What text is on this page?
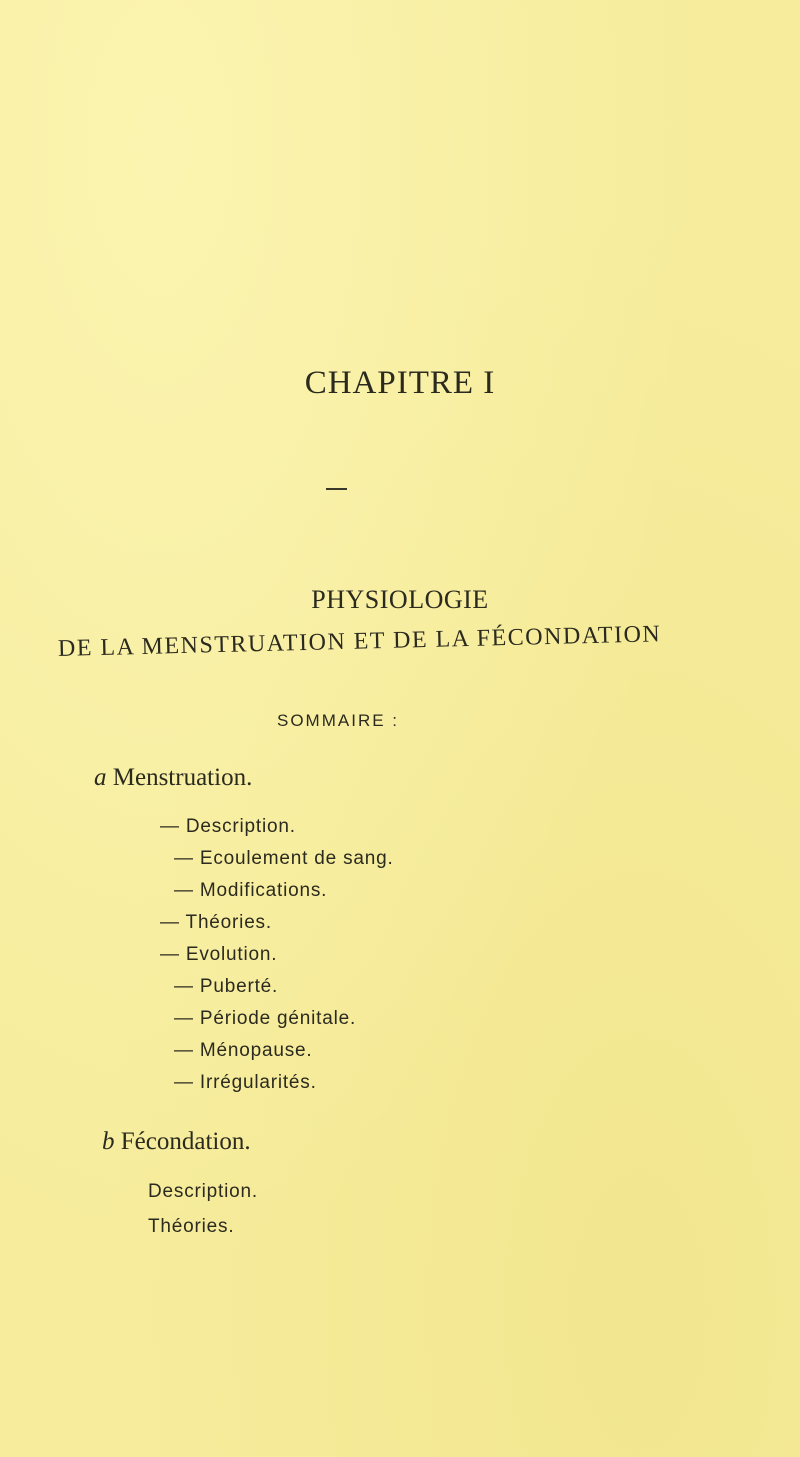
CHAPITRE I
PHYSIOLOGIE
DE LA MENSTRUATION ET DE LA FÉCONDATION
SOMMAIRE :
a Menstruation.
— Description.
— Ecoulement de sang.
— Modifications.
— Théories.
— Evolution.
— Puberté.
— Période génitale.
— Ménopause.
— Irrégularités.
b Fécondation.
Description.
Théories.
